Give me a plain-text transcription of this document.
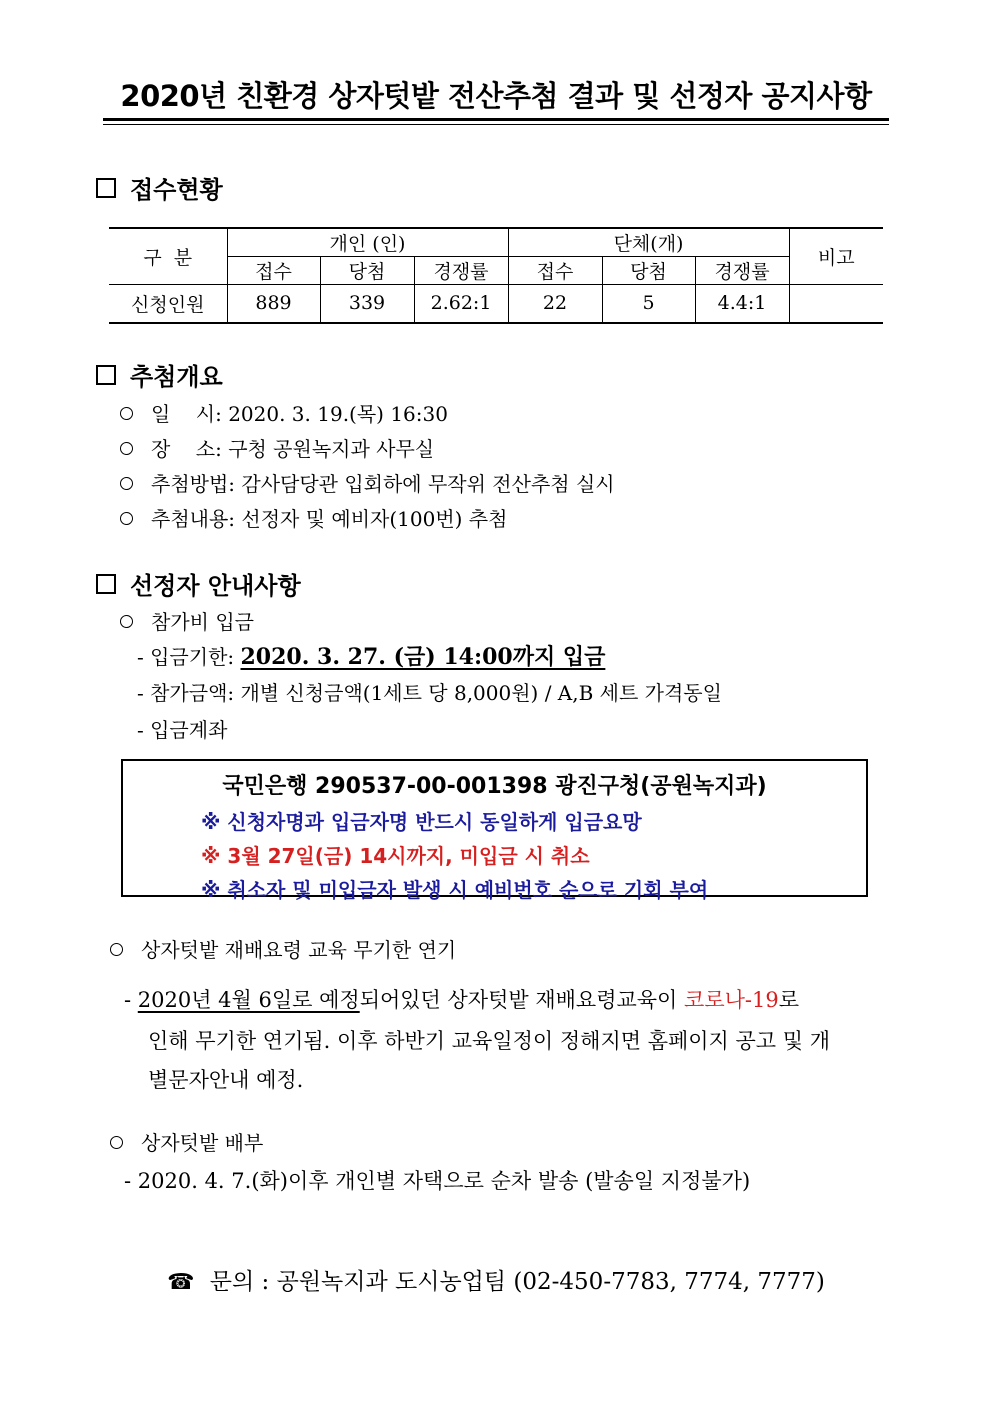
2020년 친환경 상자텃밭 전산추첨 결과 및 선정자 공지사항
접수현황
구  분	개인 (인)			단체(개)			비고
	접수	당첨	경쟁률	접수	당첨	경쟁률	
신청인원	889	339	2.62:1	22	5	4.4:1	
추첨개요
일    시: 2020. 3. 19.(목) 16:30
장    소: 구청 공원녹지과 사무실
추첨방법: 감사담당관 입회하에 무작위 전산추첨 실시
추첨내용: 선정자 및 예비자(100번) 추첨
선정자 안내사항
참가비 입금
- 입금기한: 2020. 3. 27. (금) 14:00까지 입금
- 참가금액: 개별 신청금액(1세트 당 8,000원) / A,B 세트 가격동일
- 입금계좌
국민은행 290537-00-001398 광진구청(공원녹지과)
※ 신청자명과 입금자명 반드시 동일하게 입금요망
※ 3월 27일(금) 14시까지, 미입금 시 취소
※ 취소자 및 미입금자 발생 시 예비번호 순으로 기회 부여
상자텃밭 재배요령 교육 무기한 연기
- 2020년 4월 6일로 예정되어있던 상자텃밭 재배요령교육이 코로나-19로
인해 무기한 연기됨. 이후 하반기 교육일정이 정해지면 홈페이지 공고 및 개
별문자안내 예정.
상자텃밭 배부
- 2020. 4. 7.(화)이후 개인별 자택으로 순차 발송 (발송일 지정불가)
☎ 문의 : 공원녹지과 도시농업팀 (02-450-7783, 7774, 7777)
